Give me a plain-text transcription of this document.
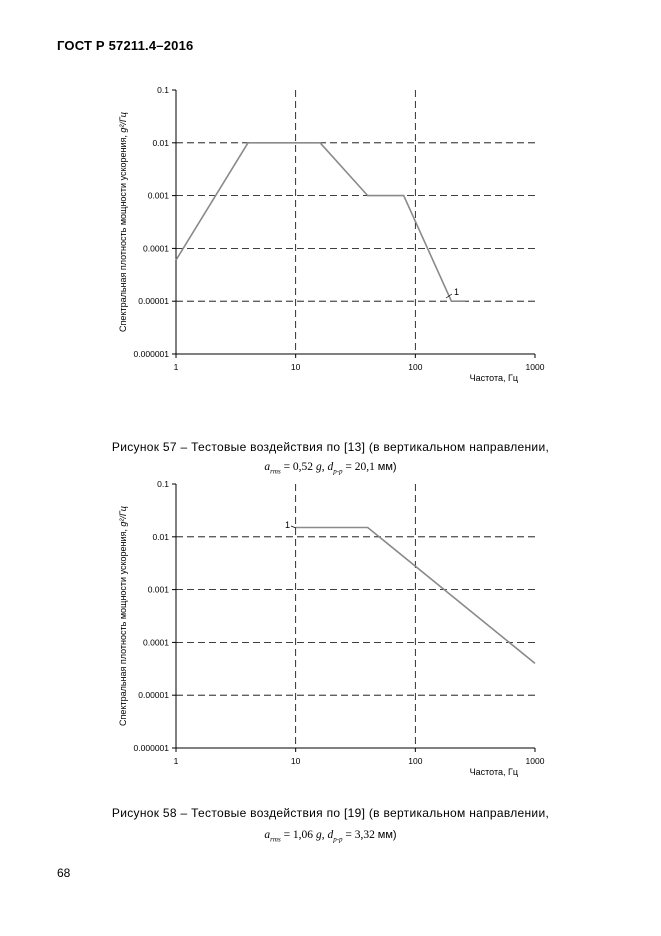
ГОСТ Р 57211.4–2016
0.1
0.01
0.001
0.0001
0.00001
0.000001
1	10	100	1000
Частота, Гц
Спектральная плотность мощности ускорения, g²/Гц
1
Рисунок 57 – Тестовые воздействия по [13] (в вертикальном направлении,
$a_{rms} = 0,52$ g, $d_{p-p} = 20,1$ мм)
0.1
0.01
0.001
0.0001
0.00001
0.000001
1	10	100	1000
Частота, Гц
Спектральная плотность мощности ускорения, g²/Гц	1
Рисунок 58 – Тестовые воздействия по [19] (в вертикальном направлении,
$a_{rms} = 1,06$ g, $d_{p-p} = 3,32$ мм)
68
